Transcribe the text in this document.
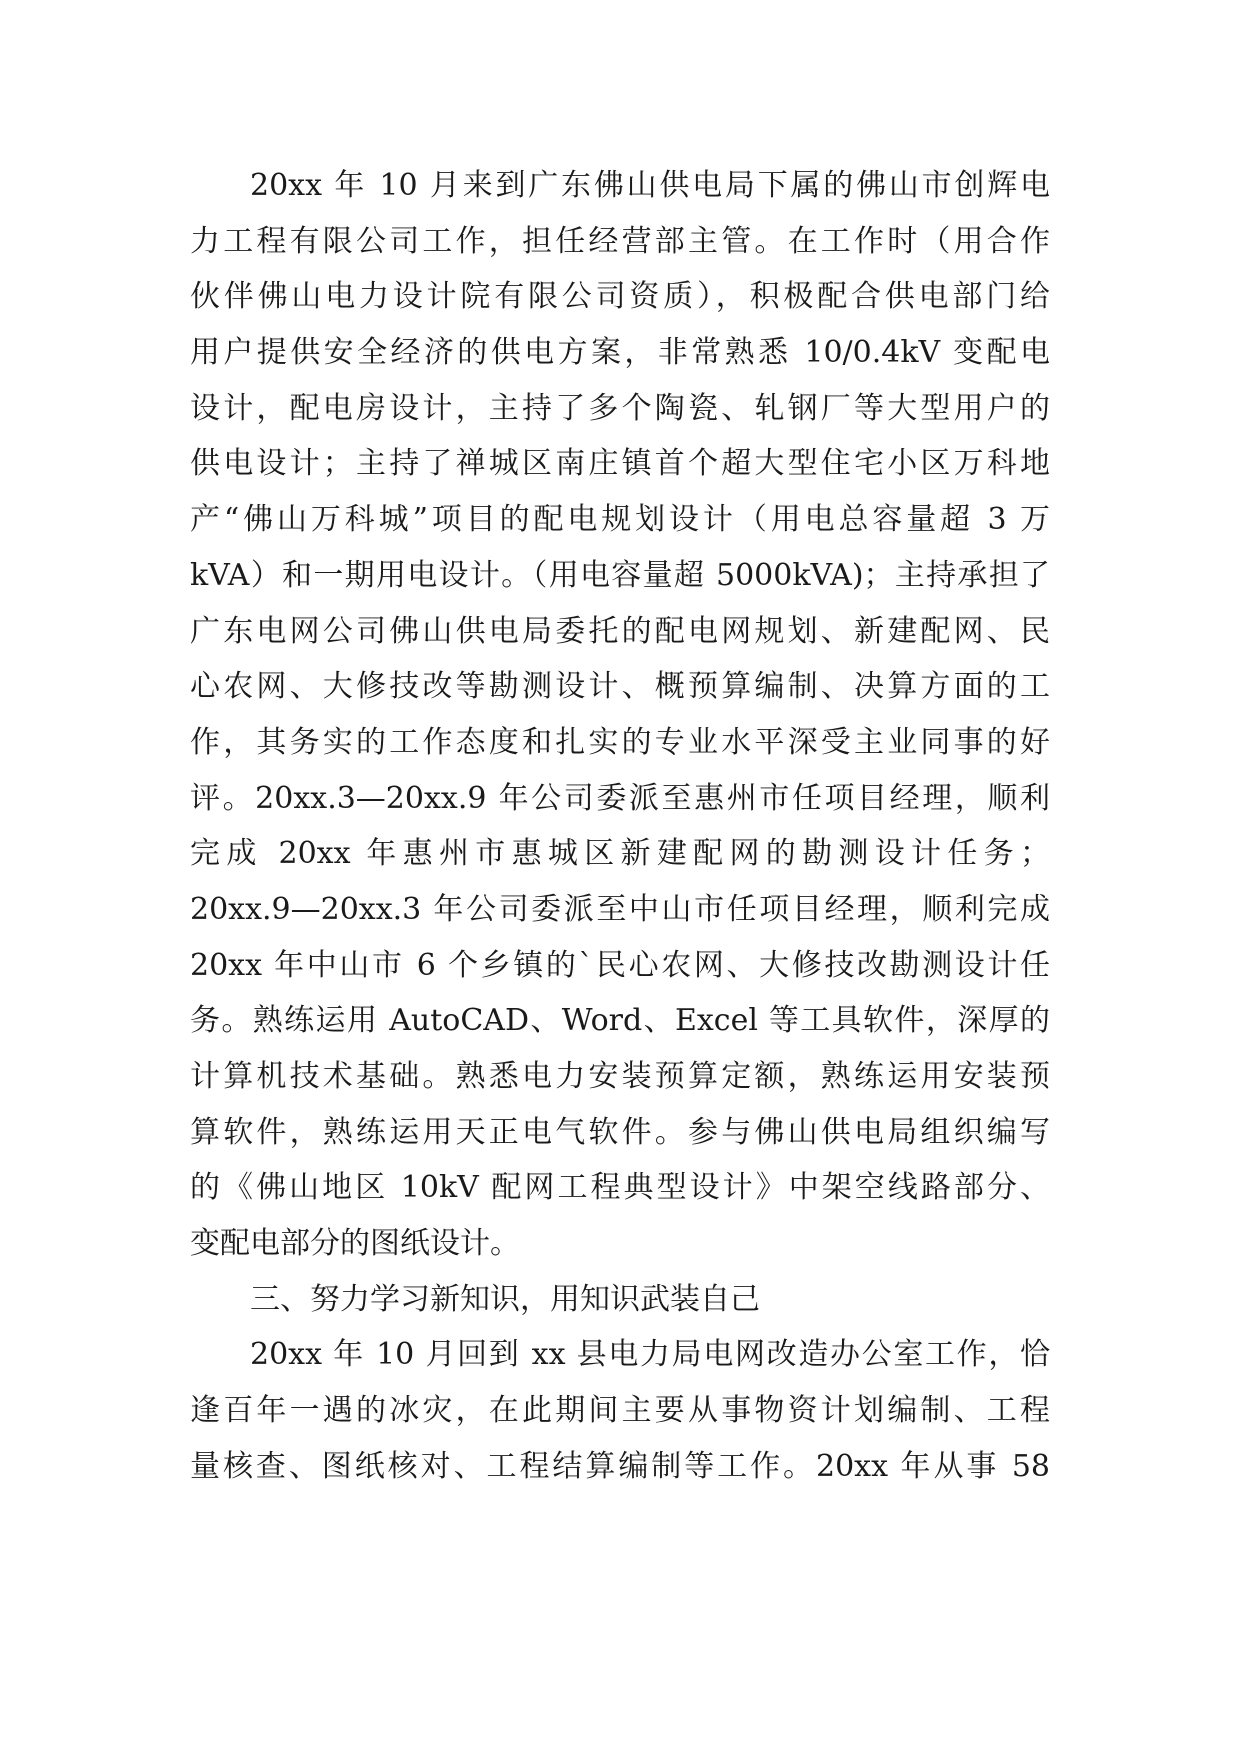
20xx 年 10 月来到广东佛山供电局下属的佛山市创辉电
力工程有限公司工作，担任经营部主管。在工作时（用合作
伙伴佛山电力设计院有限公司资质），积极配合供电部门给
用户提供安全经济的供电方案，非常熟悉 10/0.4kV 变配电
设计，配电房设计，主持了多个陶瓷、轧钢厂等大型用户的
供电设计；主持了禅城区南庄镇首个超大型住宅小区万科地
产“佛山万科城”项目的配电规划设计（用电总容量超 3 万
kVA）和一期用电设计。（用电容量超 5000kVA)；主持承担了
广东电网公司佛山供电局委托的配电网规划、新建配网、民
心农网、大修技改等勘测设计、概预算编制、决算方面的工
作，其务实的工作态度和扎实的专业水平深受主业同事的好
评。20xx.3—20xx.9 年公司委派至惠州市任项目经理，顺利
完成 20xx 年惠州市惠城区新建配网的勘测设计任务；
20xx.9—20xx.3 年公司委派至中山市任项目经理，顺利完成
20xx 年中山市 6 个乡镇的`民心农网、大修技改勘测设计任
务。熟练运用 AutoCAD、Word、Excel 等工具软件，深厚的
计算机技术基础。熟悉电力安装预算定额，熟练运用安装预
算软件，熟练运用天正电气软件。参与佛山供电局组织编写
的《佛山地区 10kV 配网工程典型设计》中架空线路部分、
变配电部分的图纸设计。
三、努力学习新知识，用知识武装自己
20xx 年 10 月回到 xx 县电力局电网改造办公室工作，恰
逢百年一遇的冰灾，在此期间主要从事物资计划编制、工程
量核查、图纸核对、工程结算编制等工作。20xx 年从事 58
